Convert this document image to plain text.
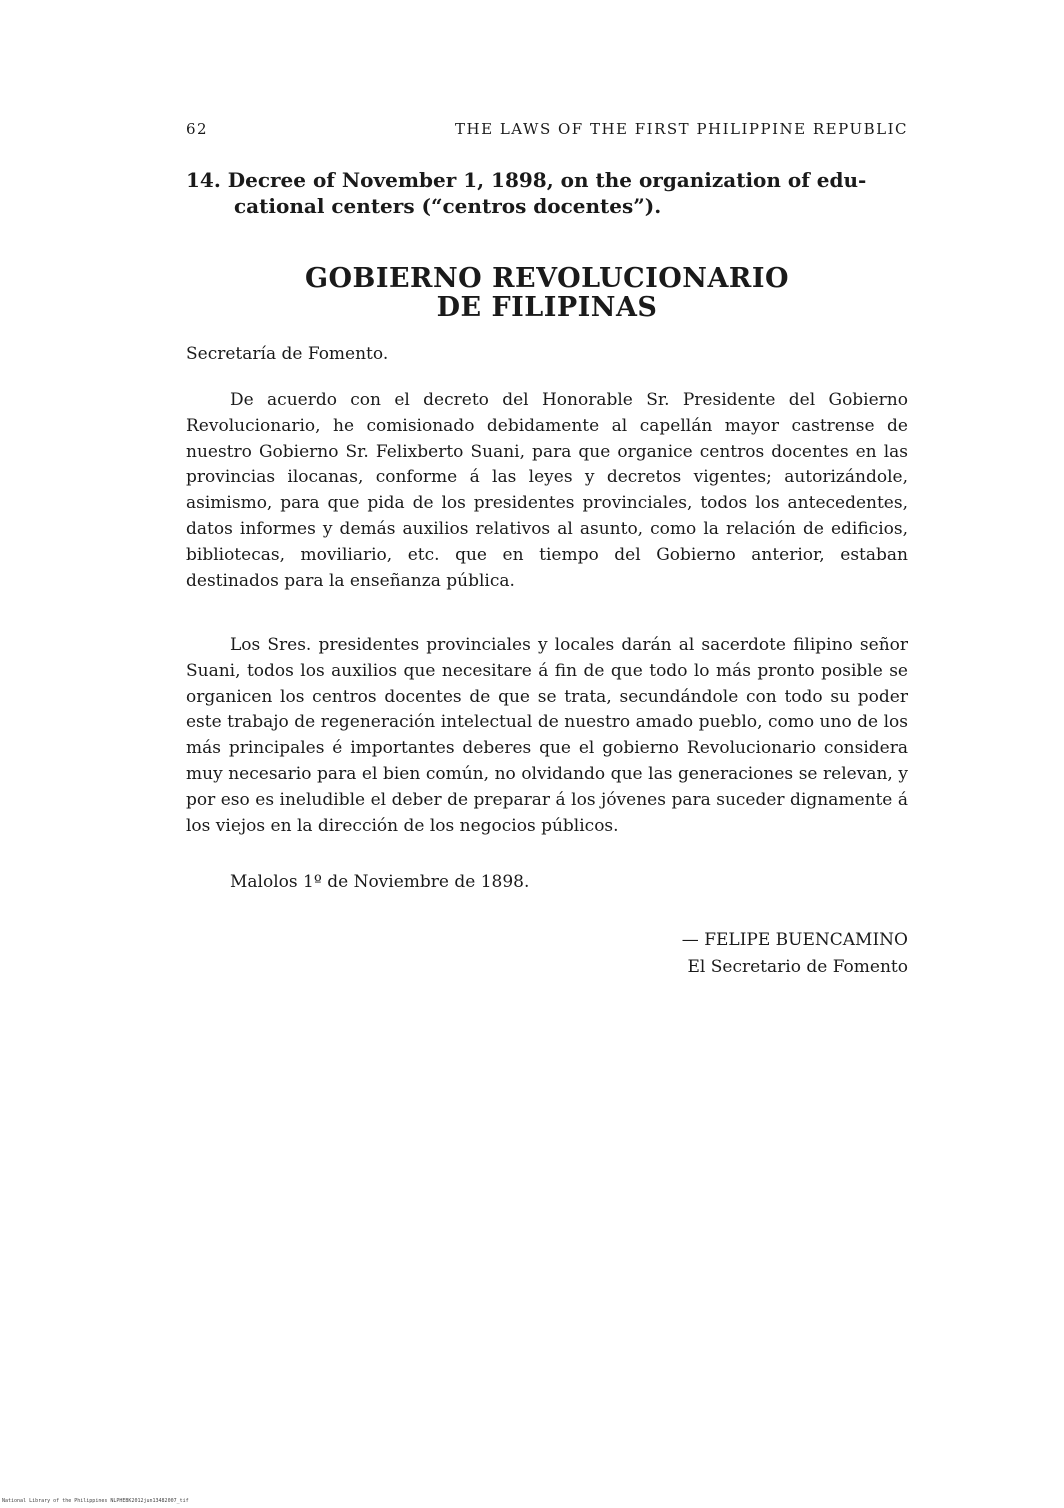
62	THE LAWS OF THE FIRST PHILIPPINE REPUBLIC
14. Decree of November 1, 1898, on the organization of edu-
cational centers (“centros docentes”).
GOBIERNO REVOLUCIONARIO
DE FILIPINAS
Secretaría de Fomento.

De acuerdo con el decreto del Honorable Sr. Presidente del Gobierno Revolucionario, he comisionado debidamente al capellán mayor castrense de nuestro Gobierno Sr. Felixberto Suani, para que organice centros docentes en las provincias ilocanas, conforme á las leyes y decretos vigentes; autorizándole, asimismo, para que pida de los presidentes provinciales, todos los antecedentes, datos informes y demás auxilios relativos al asunto, como la relación de edificios, bibliotecas, moviliario, etc. que en tiempo del Gobierno anterior, estaban destinados para la enseñanza pública.

Los Sres. presidentes provinciales y locales darán al sacerdote filipino señor Suani, todos los auxilios que necesitare á fin de que todo lo más pronto posible se organicen los centros docentes de que se trata, secundándole con todo su poder este trabajo de regeneración intelectual de nuestro amado pueblo, como uno de los más principales é importantes deberes que el gobierno Revolucionario considera muy necesario para el bien común, no olvidando que las generaciones se relevan, y por eso es ineludible el deber de preparar á los jóvenes para suceder dignamente á los viejos en la dirección de los negocios públicos.

Malolos 1º de Noviembre de 1898.
— FELIPE BUENCAMINO
El Secretario de Fomento
National Library of the Philippines NLPHEBK2012jun13482007_tif
